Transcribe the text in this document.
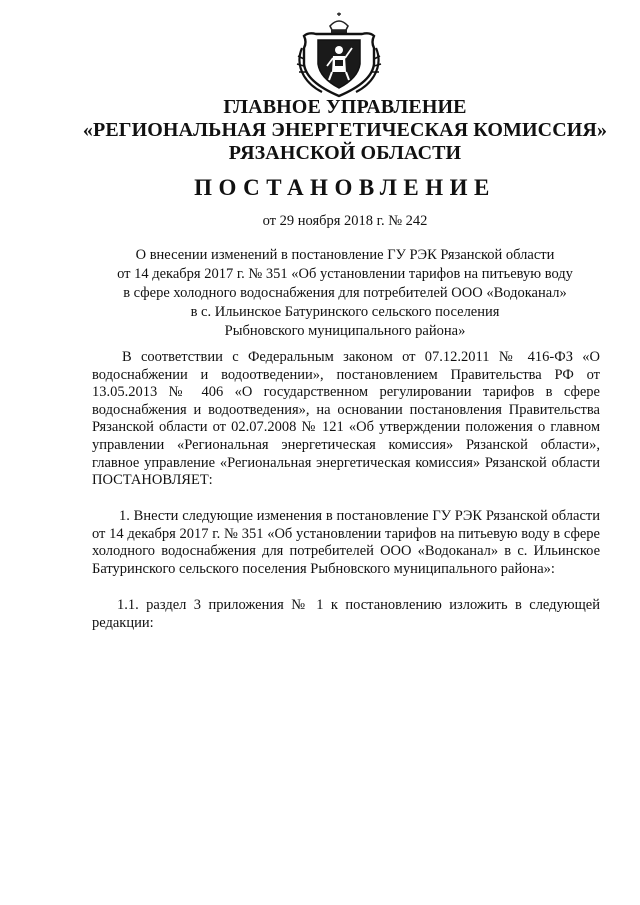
ГЛАВНОЕ УПРАВЛЕНИЕ
«РЕГИОНАЛЬНАЯ ЭНЕРГЕТИЧЕСКАЯ КОМИССИЯ»
РЯЗАНСКОЙ ОБЛАСТИ
ПОСТАНОВЛЕНИЕ
от 29 ноября 2018 г. № 242
О внесении изменений в постановление ГУ РЭК Рязанской области
от 14 декабря 2017 г. № 351 «Об установлении тарифов на питьевую воду
в сфере холодного водоснабжения для потребителей ООО «Водоканал»
в с. Ильинское Батуринского сельского поселения
Рыбновского муниципального района»

В соответствии с Федеральным законом от 07.12.2011 № 416-ФЗ «О водоснабжении и водоотведении», постановлением Правительства РФ от 13.05.2013 № 406 «О государственном регулировании тарифов в сфере водоснабжения и водоотведения», на основании постановления Правительства Рязанской области от 02.07.2008 № 121 «Об утверждении положения о главном управлении «Региональная энергетическая комиссия» Рязанской области», главное управление «Региональная энергетическая комиссия» Рязанской области ПОСТАНОВЛЯЕТ:

1. Внести следующие изменения в постановление ГУ РЭК Рязанской области от 14 декабря 2017 г. № 351 «Об установлении тарифов на питьевую воду в сфере холодного водоснабжения для потребителей ООО «Водоканал» в с. Ильинское Батуринского сельского поселения Рыбновского муниципального района»:

1.1. раздел 3 приложения № 1 к постановлению изложить в следующей редакции:
